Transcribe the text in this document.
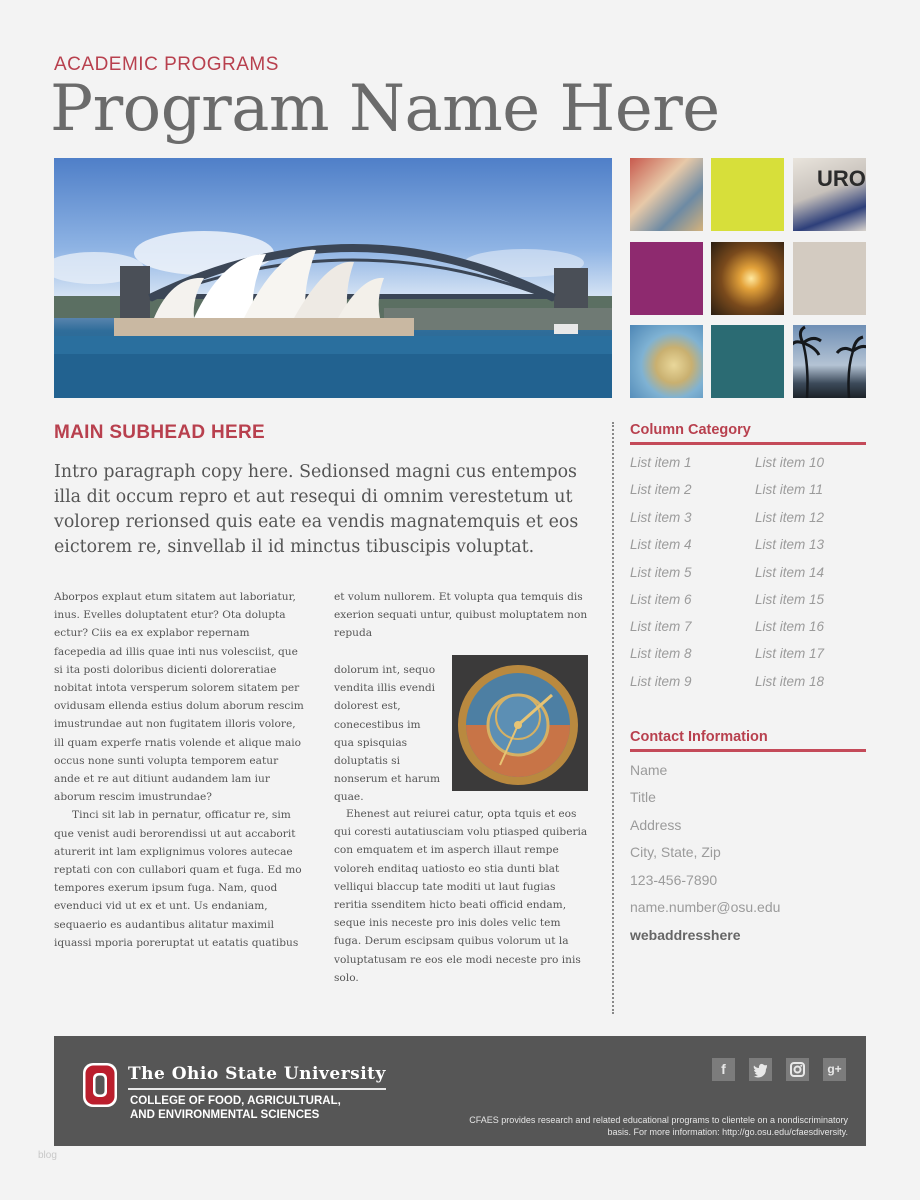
ACADEMIC PROGRAMS
Program Name Here
URO
MAIN SUBHEAD HERE
Intro paragraph copy here. Sedionsed magni cus entempos illa dit occum repro et aut resequi di omnim verestetum ut volorep rerionsed quis eate ea vendis magnatemquis et eos eictorem re, sinvellab il id minctus tibuscipis voluptat.

Aborpos explaut etum sitatem aut laboriatur, inus. Evelles doluptatent etur? Ota dolupta ectur? Ciis ea ex explabor repernam facepedia ad illis quae inti nus volesciist, que si ita posti doloribus dicienti doloreratiae nobitat intota versperum solorem sitatem per ovidusam ellenda estius dolum aborum rescim imustrundae aut non fugitatem illoris volore, ill quam experfe rnatis volende et alique maio occus none sunti volupta temporem eatur ande et re aut ditiunt audandem lam iur aborum rescim imustrundae?

Tinci sit lab in pernatur, officatur re, sim que venist audi berorendissi ut aut accaborit aturerit int lam explignimus volores autecae reptati con con cullabori quam et fuga. Ed mo tempores exerum ipsum fuga. Nam, quod evenduci vid ut ex et unt. Us endaniam, sequaerio es audantibus alitatur maximil iquassi mporia poreruptat ut eatatis quatibus

et volum nullorem. Et volupta qua temquis dis exerion sequati untur, quibust moluptatem non repuda
dolorum int, sequo vendita illis evendi dolorest est, conecestibus im qua spisquias doluptatis si nonserum et harum quae.

Ehenest aut reiurei catur, opta tquis et eos qui coresti autatiusciam volu ptiasped quiberia con emquatem et im asperch illaut rempe voloreh enditaq uatiosto eo stia dunti blat velliqui blaccup tate moditi ut laut fugias reritia ssenditem hicto beati officid endam, seque inis neceste pro inis doles velic tem fuga. Derum escipsam quibus volorum ut la voluptatusam re eos ele modi neceste pro inis solo.

Column Category
List item 1
List item 2
List item 3
List item 4
List item 5
List item 6
List item 7
List item 8
List item 9
List item 10
List item 11
List item 12
List item 13
List item 14
List item 15
List item 16
List item 17
List item 18
Contact Information
Name
Title
Address
City, State, Zip
123-456-7890
name.number@osu.edu
webaddresshere
The Ohio State University
COLLEGE OF FOOD, AGRICULTURAL,
AND ENVIRONMENTAL SCIENCES
f	g+
CFAES provides research and related educational programs to clientele on a nondiscriminatory basis. For more information: http://go.osu.edu/cfaesdiversity.
blog
